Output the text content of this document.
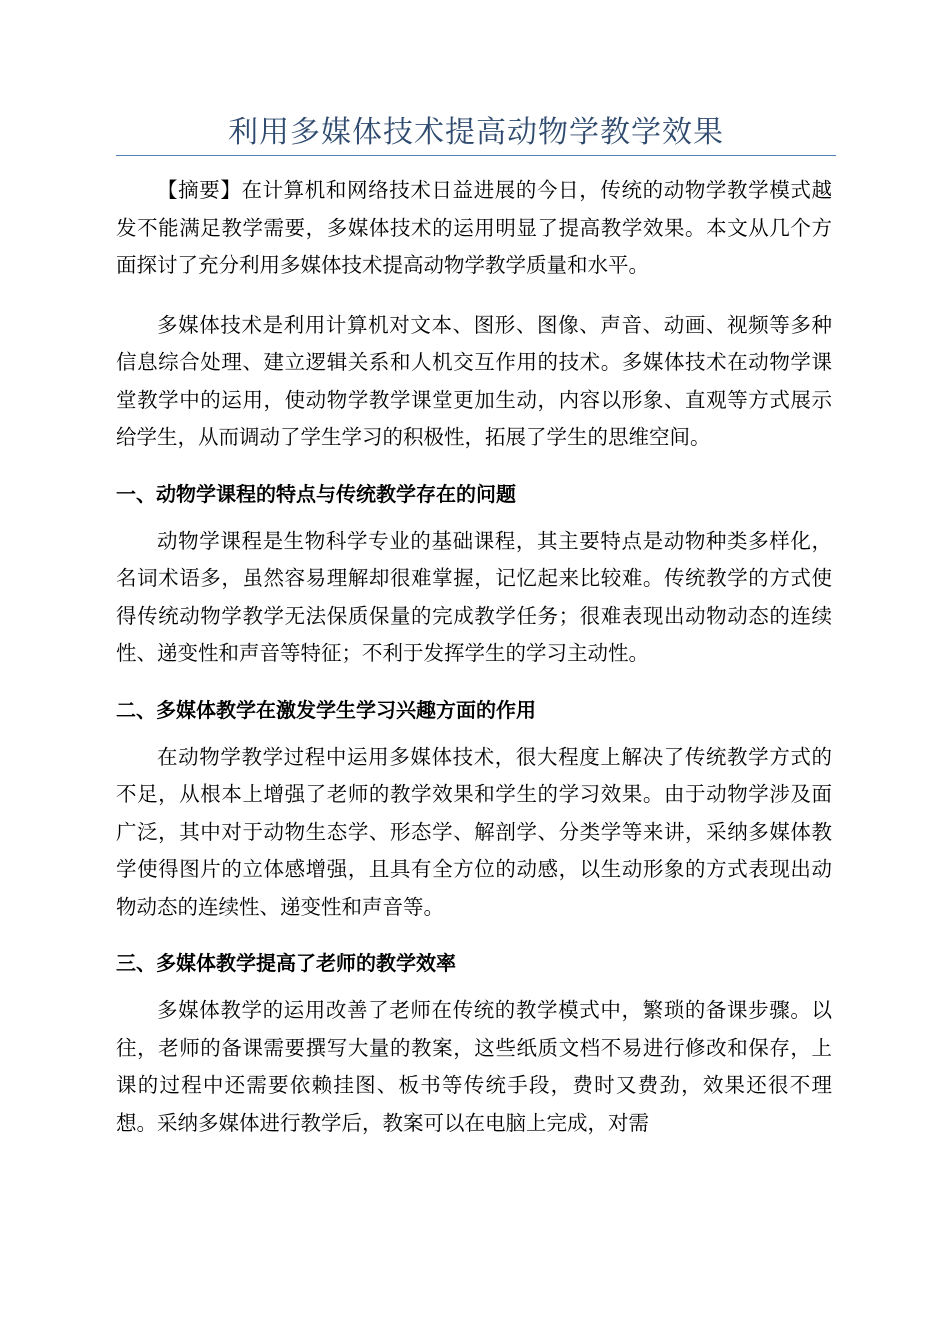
利用多媒体技术提高动物学教学效果

【摘要】在计算机和网络技术日益进展的今日，传统的动物学教学模式越发不能满足教学需要，多媒体技术的运用明显了提高教学效果。本文从几个方面探讨了充分利用多媒体技术提高动物学教学质量和水平。

多媒体技术是利用计算机对文本、图形、图像、声音、动画、视频等多种信息综合处理、建立逻辑关系和人机交互作用的技术。多媒体技术在动物学课堂教学中的运用，使动物学教学课堂更加生动，内容以形象、直观等方式展示给学生，从而调动了学生学习的积极性，拓展了学生的思维空间。

一、动物学课程的特点与传统教学存在的问题

动物学课程是生物科学专业的基础课程，其主要特点是动物种类多样化，名词术语多，虽然容易理解却很难掌握，记忆起来比较难。传统教学的方式使得传统动物学教学无法保质保量的完成教学任务；很难表现出动物动态的连续性、递变性和声音等特征；不利于发挥学生的学习主动性。

二、多媒体教学在激发学生学习兴趣方面的作用

在动物学教学过程中运用多媒体技术，很大程度上解决了传统教学方式的不足，从根本上增强了老师的教学效果和学生的学习效果。由于动物学涉及面广泛，其中对于动物生态学、形态学、解剖学、分类学等来讲，采纳多媒体教学使得图片的立体感增强，且具有全方位的动感，以生动形象的方式表现出动物动态的连续性、递变性和声音等。

三、多媒体教学提高了老师的教学效率

多媒体教学的运用改善了老师在传统的教学模式中，繁琐的备课步骤。以往，老师的备课需要撰写大量的教案，这些纸质文档不易进行修改和保存，上课的过程中还需要依赖挂图、板书等传统手段，费时又费劲，效果还很不理想。采纳多媒体进行教学后，教案可以在电脑上完成，对需
